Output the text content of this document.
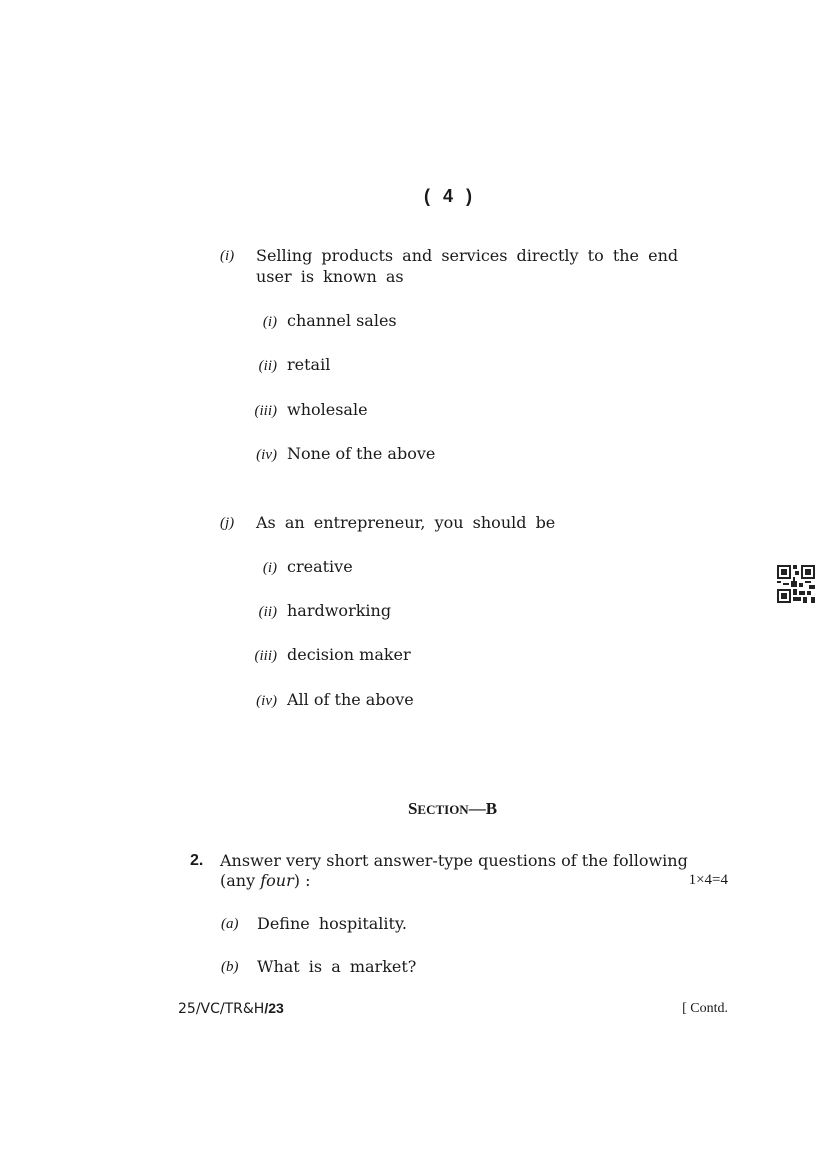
( 4 )
(i) Selling products and services directly to the end user is known as
(i) channel sales
(ii) retail
(iii) wholesale
(iv) None of the above
(j) As an entrepreneur, you should be
(i) creative
(ii) hardworking
(iii) decision maker
(iv) All of the above
SECTION—B
2. Answer very short answer-type questions of the following (any four) :	1×4=4
(a) Define hospitality.
(b) What is a market?
25/VC/TR&H/23	[ Contd.
